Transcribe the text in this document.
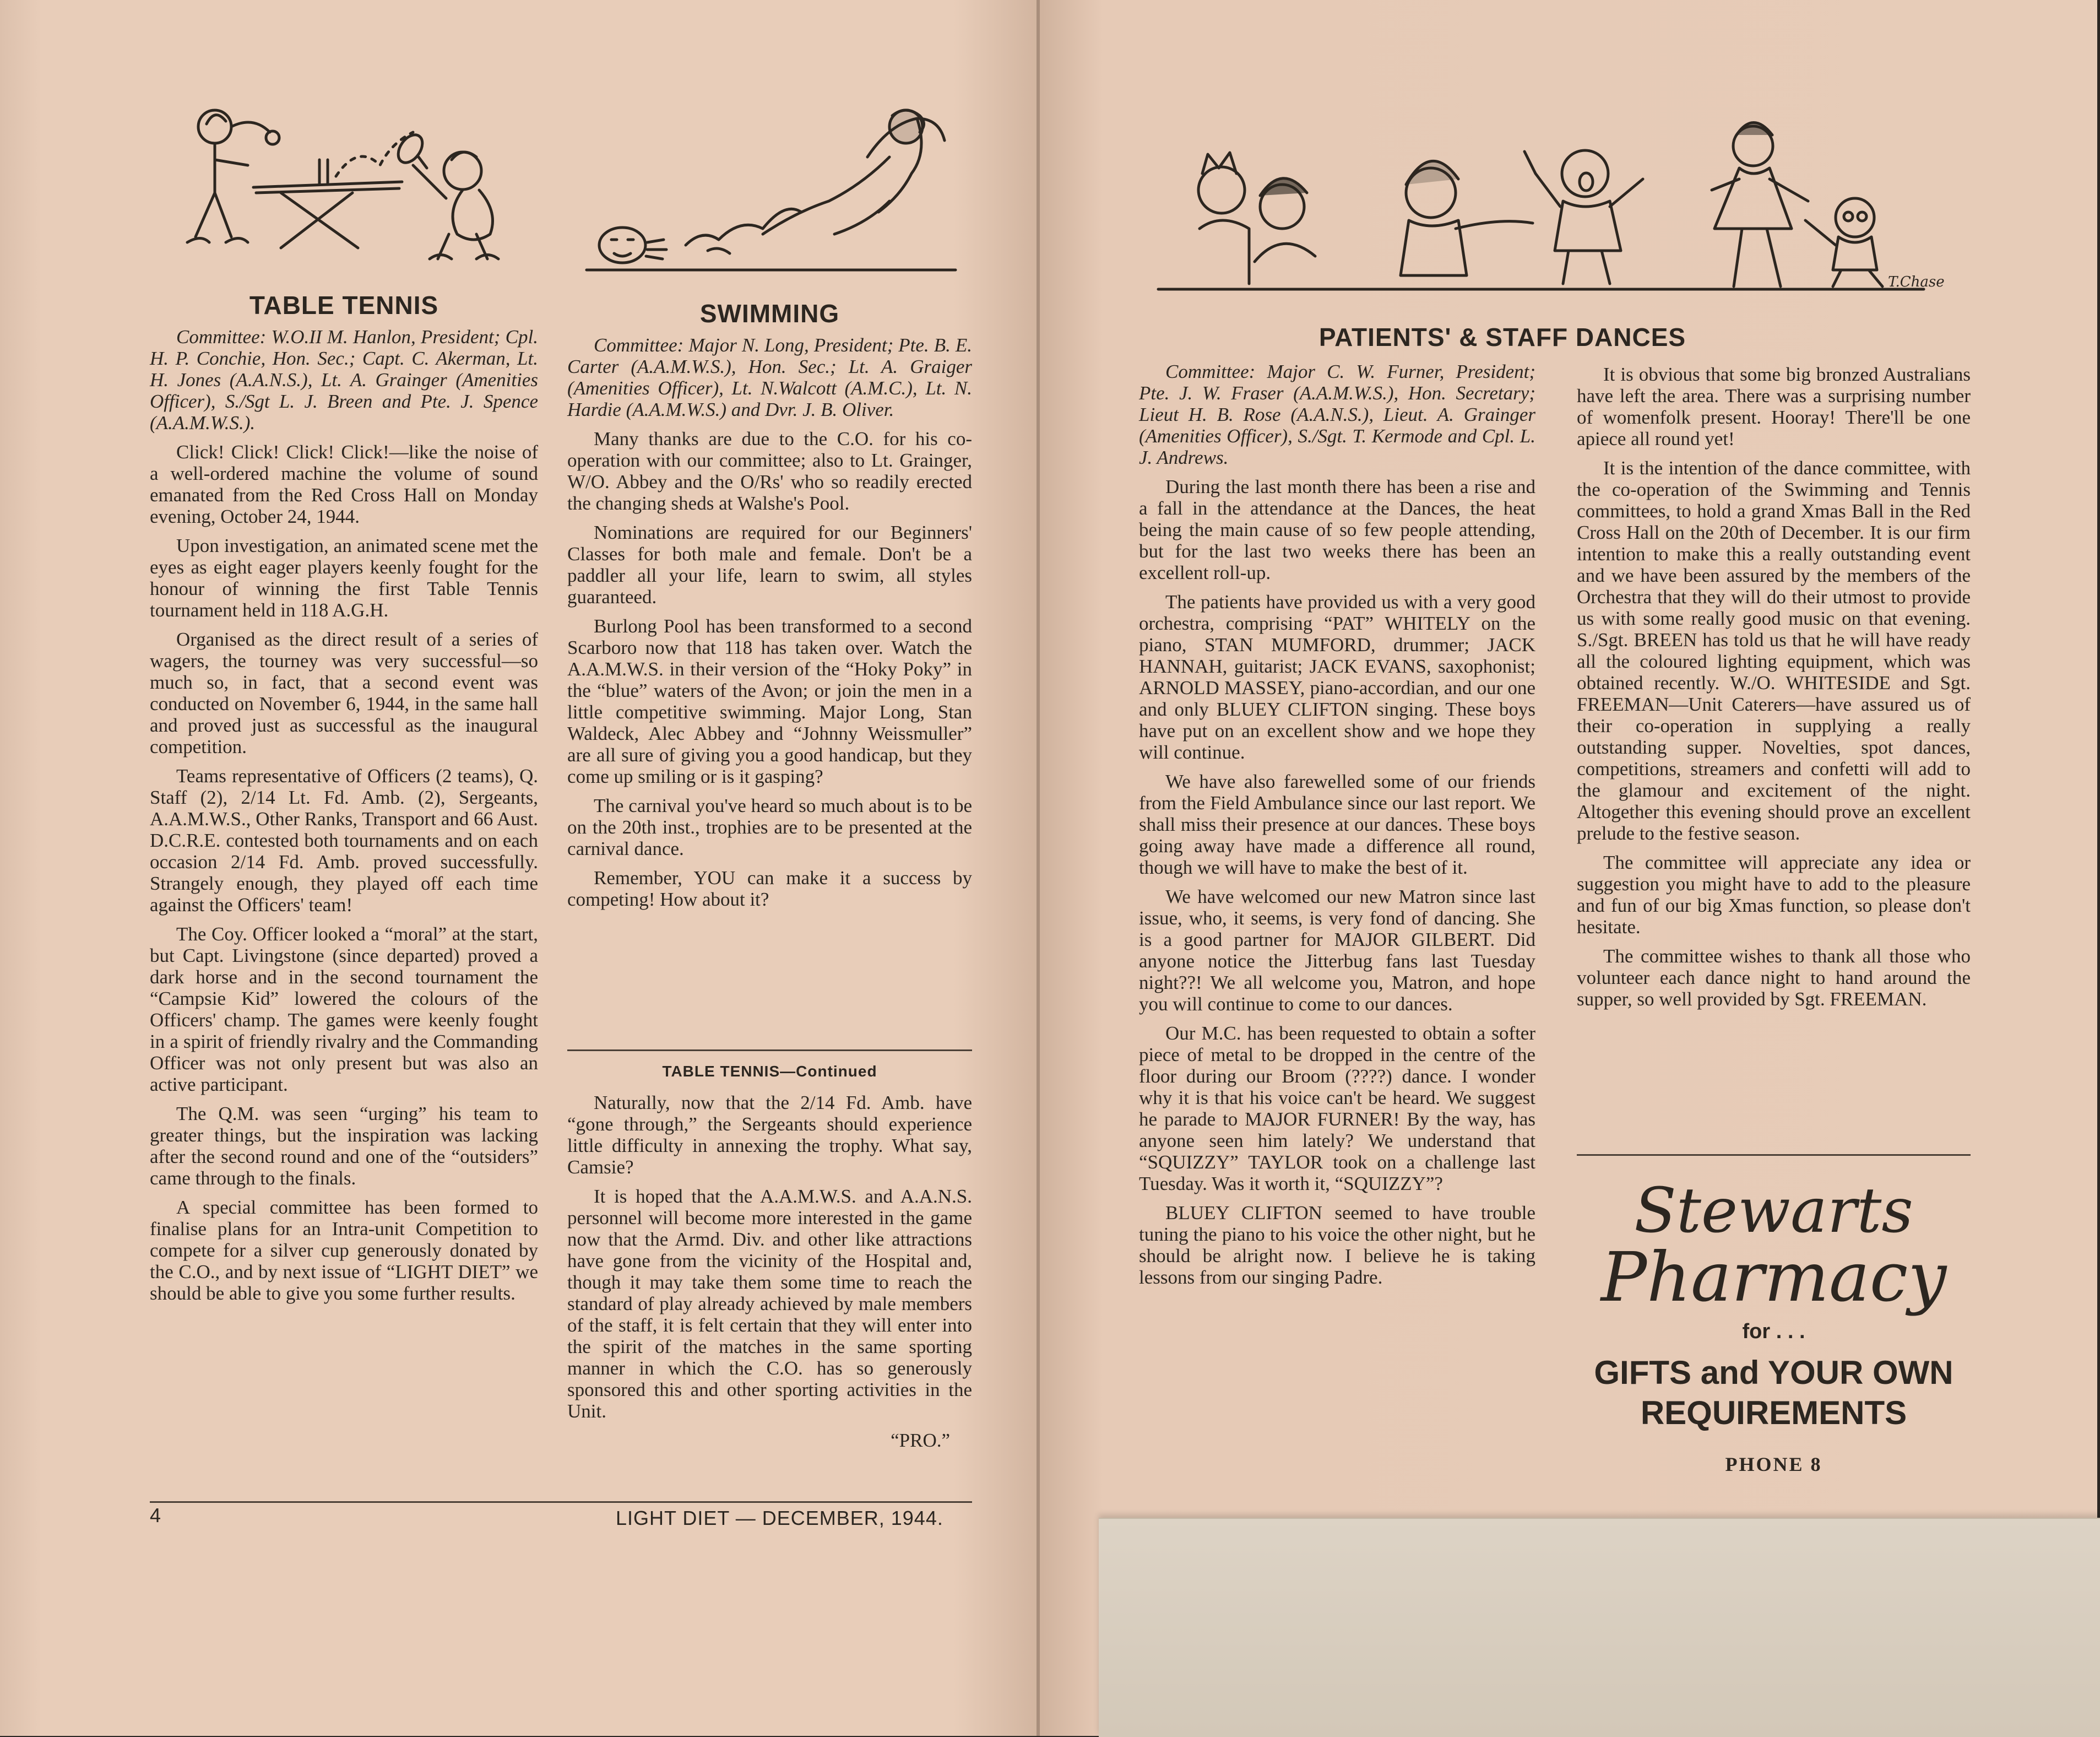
TABLE TENNIS

Committee: W.O.II M. Hanlon, President; Cpl. H. P. Conchie, Hon. Sec.; Capt. C. Akerman, Lt. H. Jones (A.A.N.S.), Lt. A. Grainger (Amenities Officer), S./Sgt L. J. Breen and Pte. J. Spence (A.A.M.W.S.).

Click! Click! Click! Click!—like the noise of a well-ordered machine the volume of sound emanated from the Red Cross Hall on Monday evening, October 24, 1944.

Upon investigation, an animated scene met the eyes as eight eager players keenly fought for the honour of winning the first Table Tennis tournament held in 118 A.G.H.

Organised as the direct result of a series of wagers, the tourney was very successful—so much so, in fact, that a second event was conducted on November 6, 1944, in the same hall and proved just as successful as the inaugural competition.

Teams representative of Officers (2 teams), Q. Staff (2), 2/14 Lt. Fd. Amb. (2), Sergeants, A.A.M.W.S., Other Ranks, Transport and 66 Aust. D.C.R.E. contested both tournaments and on each occasion 2/14 Fd. Amb. proved successfully. Strangely enough, they played off each time against the Officers' team!

The Coy. Officer looked a “moral” at the start, but Capt. Livingstone (since departed) proved a dark horse and in the second tournament the “Campsie Kid” lowered the colours of the Officers' champ. The games were keenly fought in a spirit of friendly rivalry and the Commanding Officer was not only present but was also an active participant.

The Q.M. was seen “urging” his team to greater things, but the inspiration was lacking after the second round and one of the “outsiders” came through to the finals.

A special committee has been formed to finalise plans for an Intra-unit Competition to compete for a silver cup generously donated by the C.O., and by next issue of “LIGHT DIET” we should be able to give you some further results.

SWIMMING

Committee: Major N. Long, President; Pte. B. E. Carter (A.A.M.W.S.), Hon. Sec.; Lt. A. Graiger (Amenities Officer), Lt. N.Walcott (A.M.C.), Lt. N. Hardie (A.A.M.W.S.) and Dvr. J. B. Oliver.

Many thanks are due to the C.O. for his co-operation with our committee; also to Lt. Grainger, W/O. Abbey and the O/Rs' who so readily erected the changing sheds at Walshe's Pool.

Nominations are required for our Beginners' Classes for both male and female. Don't be a paddler all your life, learn to swim, all styles guaranteed.

Burlong Pool has been transformed to a second Scarboro now that 118 has taken over. Watch the A.A.M.W.S. in their version of the “Hoky Poky” in the “blue” waters of the Avon; or join the men in a little competitive swimming. Major Long, Stan Waldeck, Alec Abbey and “Johnny Weissmuller” are all sure of giving you a good handicap, but they come up smiling or is it gasping?

The carnival you've heard so much about is to be on the 20th inst., trophies are to be presented at the carnival dance.

Remember, YOU can make it a success by competing! How about it?

TABLE TENNIS—Continued

Naturally, now that the 2/14 Fd. Amb. have “gone through,” the Sergeants should experience little difficulty in annexing the trophy. What say, Camsie?

It is hoped that the A.A.M.W.S. and A.A.N.S. personnel will become more interested in the game now that the Armd. Div. and other like attractions have gone from the vicinity of the Hospital and, though it may take them some time to reach the standard of play already achieved by male members of the staff, it is felt certain that they will enter into the spirit of the matches in the same sporting manner in which the C.O. has so generously sponsored this and other sporting activities in the Unit.

“PRO.”
4	LIGHT DIET — DECEMBER, 1944.
T.Chase
PATIENTS' & STAFF DANCES

Committee: Major C. W. Furner, President; Pte. J. W. Fraser (A.A.M.W.S.), Hon. Secretary; Lieut H. B. Rose (A.A.N.S.), Lieut. A. Grainger (Amenities Officer), S./Sgt. T. Kermode and Cpl. L. J. Andrews.

During the last month there has been a rise and a fall in the attendance at the Dances, the heat being the main cause of so few people attending, but for the last two weeks there has been an excellent roll-up.

The patients have provided us with a very good orchestra, comprising “PAT” WHITELY on the piano, STAN MUMFORD, drummer; JACK HANNAH, guitarist; JACK EVANS, saxophonist; ARNOLD MASSEY, piano-accordian, and our one and only BLUEY CLIFTON singing. These boys have put on an excellent show and we hope they will continue.

We have also farewelled some of our friends from the Field Ambulance since our last report. We shall miss their presence at our dances. These boys going away have made a difference all round, though we will have to make the best of it.

We have welcomed our new Matron since last issue, who, it seems, is very fond of dancing. She is a good partner for MAJOR GILBERT. Did anyone notice the Jitterbug fans last Tuesday night??! We all welcome you, Matron, and hope you will continue to come to our dances.

Our M.C. has been requested to obtain a softer piece of metal to be dropped in the centre of the floor during our Broom (????) dance. I wonder why it is that his voice can't be heard. We suggest he parade to MAJOR FURNER! By the way, has anyone seen him lately? We understand that “SQUIZZY” TAYLOR took on a challenge last Tuesday. Was it worth it, “SQUIZZY”?

BLUEY CLIFTON seemed to have trouble tuning the piano to his voice the other night, but he should be alright now. I believe he is taking lessons from our singing Padre.

It is obvious that some big bronzed Australians have left the area. There was a surprising number of womenfolk present. Hooray! There'll be one apiece all round yet!

It is the intention of the dance committee, with the co-operation of the Swimming and Tennis committees, to hold a grand Xmas Ball in the Red Cross Hall on the 20th of December. It is our firm intention to make this a really outstanding event and we have been assured by the members of the Orchestra that they will do their utmost to provide us with some really good music on that evening. S./Sgt. BREEN has told us that he will have ready all the coloured lighting equipment, which was obtained recently. W./O. WHITESIDE and Sgt. FREEMAN—Unit Caterers—have assured us of their co-operation in supplying a really outstanding supper. Novelties, spot dances, competitions, streamers and confetti will add to the glamour and excitement of the night. Altogether this evening should prove an excellent prelude to the festive season.

The committee will appreciate any idea or suggestion you might have to add to the pleasure and fun of our big Xmas function, so please don't hesitate.

The committee wishes to thank all those who volunteer each dance night to hand around the supper, so well provided by Sgt. FREEMAN.

Stewarts
Pharmacy
for . . .
GIFTS and YOUR OWN
REQUIREMENTS
PHONE 8
